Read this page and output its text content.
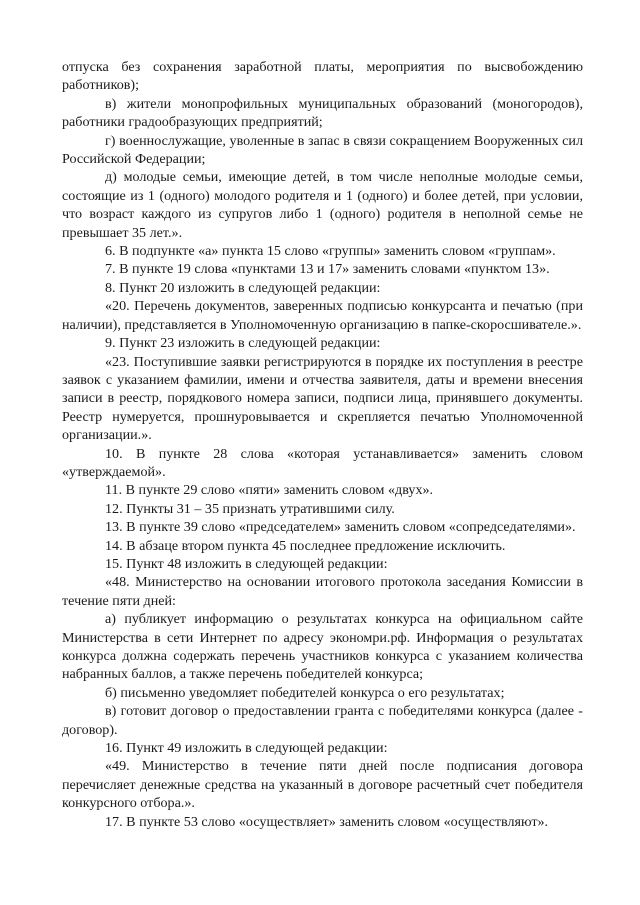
отпуска без сохранения заработной платы, мероприятия по высвобождению работников);

в) жители монопрофильных муниципальных образований (моногородов), работники градообразующих предприятий;

г) военнослужащие, уволенные в запас в связи сокращением Вооруженных сил Российской Федерации;

д) молодые семьи, имеющие детей, в том числе неполные молодые семьи, состоящие из 1 (одного) молодого родителя и 1 (одного) и более детей, при условии, что возраст каждого из супругов либо 1 (одного) родителя в неполной семье не превышает 35 лет.».

6. В подпункте «а» пункта 15 слово «группы» заменить словом «группам».

7. В пункте 19 слова «пунктами 13 и 17» заменить словами «пунктом 13».

8. Пункт 20 изложить в следующей редакции:

«20. Перечень документов, заверенных подписью конкурсанта и печатью (при наличии), представляется в Уполномоченную организацию в папке-скоросшивателе.».

9. Пункт 23 изложить в следующей редакции:

«23. Поступившие заявки регистрируются в порядке их поступления в реестре заявок с указанием фамилии, имени и отчества заявителя, даты и времени внесения записи в реестр, порядкового номера записи, подписи лица, принявшего документы. Реестр нумеруется, прошнуровывается и скрепляется печатью Уполномоченной организации.».

10. В пункте 28 слова «которая устанавливается» заменить словом «утверждаемой».

11. В пункте 29 слово «пяти» заменить словом «двух».

12. Пункты 31 – 35 признать утратившими силу.

13. В пункте 39 слово «председателем» заменить словом «сопредседателями».

14. В абзаце втором пункта 45 последнее предложение исключить.

15. Пункт 48 изложить в следующей редакции:

«48. Министерство на основании итогового протокола заседания Комиссии в течение пяти дней:

а) публикует информацию о результатах конкурса на официальном сайте Министерства в сети Интернет по адресу экономри.рф. Информация о результатах конкурса должна содержать перечень участников конкурса с указанием количества набранных баллов, а также перечень победителей конкурса;

б) письменно уведомляет победителей конкурса о его результатах;

в) готовит договор о предоставлении гранта с победителями конкурса (далее - договор).

16. Пункт 49 изложить в следующей редакции:

«49. Министерство в течение пяти дней после подписания договора перечисляет денежные средства на указанный в договоре расчетный счет победителя конкурсного отбора.».

17. В пункте 53 слово «осуществляет» заменить словом «осуществляют».
